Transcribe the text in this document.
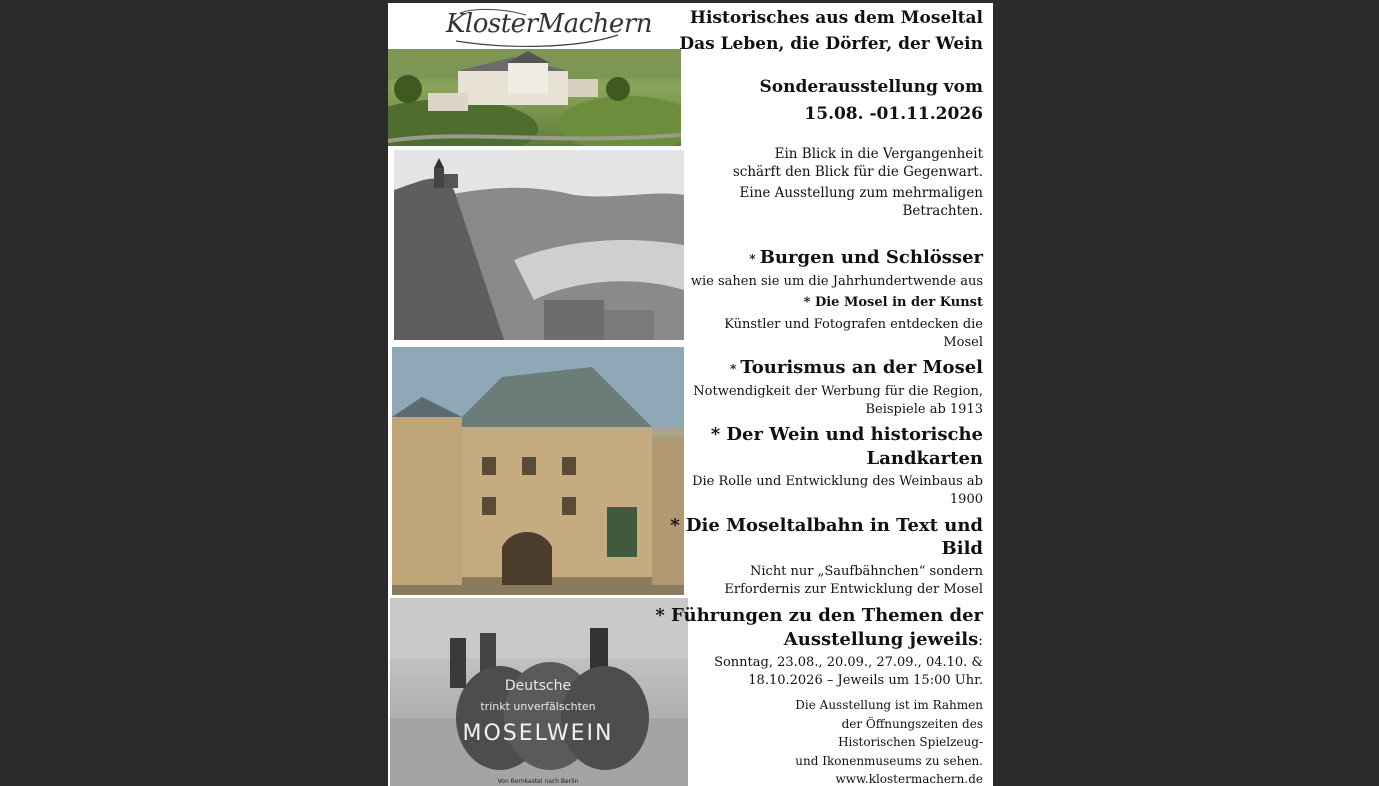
KlosterMachern
Deutsche
trinkt unverfälschten
MOSELWEIN
Von Bernkastel nach Berlin
Historisches aus dem Moseltal
Das Leben, die Dörfer, der Wein
Sonderausstellung vom
15.08. -01.11.2026
Ein Blick in die Vergangenheit
schärft den Blick für die Gegenwart.
Eine Ausstellung zum mehrmaligen
Betrachten.
* Burgen und Schlösser
wie sahen sie um die Jahrhundertwende aus
* Die Mosel in der Kunst
Künstler und Fotografen entdecken die
Mosel
* Tourismus an der Mosel
Notwendigkeit der Werbung für die Region,
Beispiele ab 1913
* Der Wein und historische
Landkarten
Die Rolle und Entwicklung des Weinbaus ab
1900
* Die Moseltalbahn in Text und
Bild
Nicht nur „Saufbähnchen“ sondern
Erfordernis zur Entwicklung der Mosel
* Führungen zu den Themen der
Ausstellung jeweils:
Sonntag, 23.08., 20.09., 27.09., 04.10. &
18.10.2026 – Jeweils um 15:00 Uhr.
Die Ausstellung ist im Rahmen
der Öffnungszeiten des
Historischen Spielzeug-
und Ikonenmuseums zu sehen.
www.klostermachern.de
